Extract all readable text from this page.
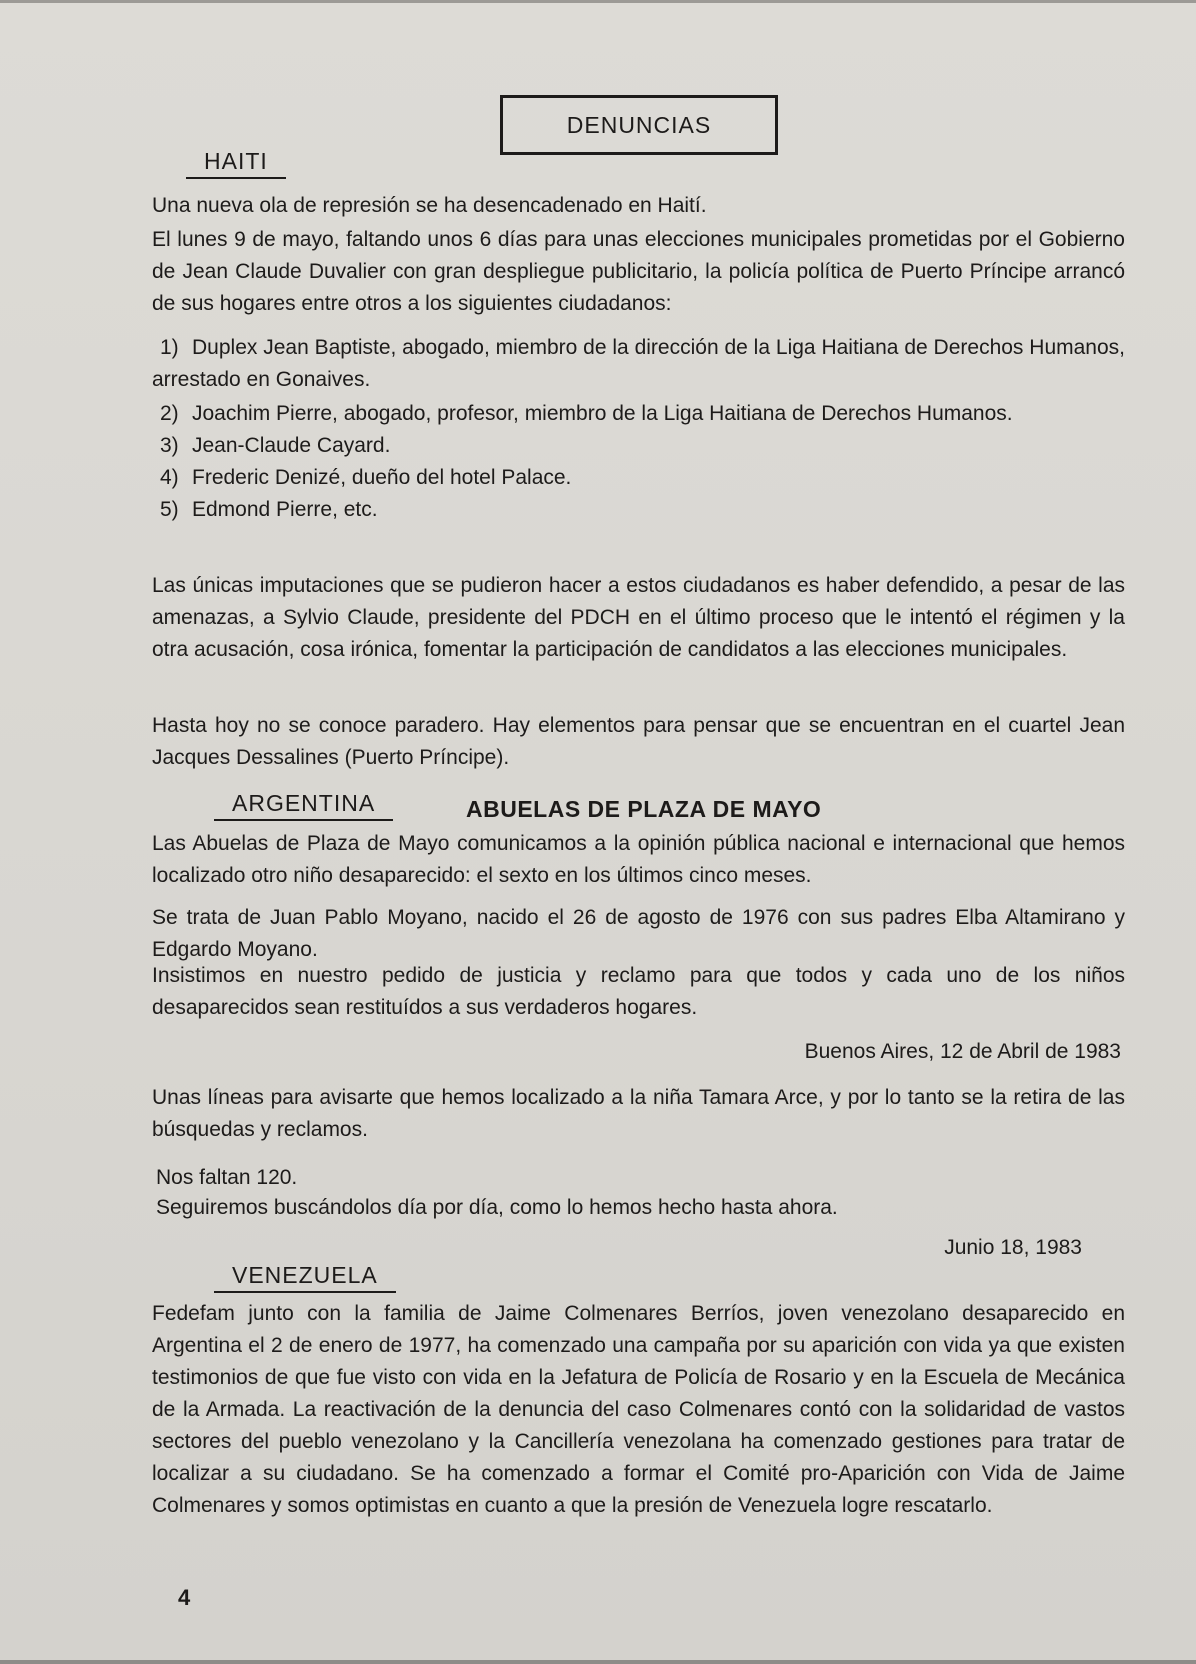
DENUNCIAS
HAITI

Una nueva ola de represión se ha desencadenado en Haití.

El lunes 9 de mayo, faltando unos 6 días para unas elecciones municipales prometidas por el Gobierno de Jean Claude Duvalier con gran despliegue publicitario, la policía política de Puerto Príncipe arrancó de sus hogares entre otros a los siguientes ciudadanos:

1) Duplex Jean Baptiste, abogado, miembro de la dirección de la Liga Haitiana de Derechos Humanos, arrestado en Gonaives.
2) Joachim Pierre, abogado, profesor, miembro de la Liga Haitiana de Derechos Humanos.
3) Jean-Claude Cayard.
4) Frederic Denizé, dueño del hotel Palace.
5) Edmond Pierre, etc.

Las únicas imputaciones que se pudieron hacer a estos ciudadanos es haber defendido, a pesar de las amenazas, a Sylvio Claude, presidente del PDCH en el último proceso que le intentó el régimen y la otra acusación, cosa irónica, fomentar la participación de candidatos a las elecciones municipales.

Hasta hoy no se conoce paradero. Hay elementos para pensar que se encuentran en el cuartel Jean Jacques Dessalines (Puerto Príncipe).

ARGENTINA	ABUELAS DE PLAZA DE MAYO

Las Abuelas de Plaza de Mayo comunicamos a la opinión pública nacional e internacional que hemos localizado otro niño desaparecido: el sexto en los últimos cinco meses.

Se trata de Juan Pablo Moyano, nacido el 26 de agosto de 1976 con sus padres Elba Altamirano y Edgardo Moyano.

Insistimos en nuestro pedido de justicia y reclamo para que todos y cada uno de los niños desaparecidos sean restituídos a sus verdaderos hogares.

Buenos Aires, 12 de Abril de 1983

Unas líneas para avisarte que hemos localizado a la niña Tamara Arce, y por lo tanto se la retira de las búsquedas y reclamos.

Nos faltan 120.

Seguiremos buscándolos día por día, como lo hemos hecho hasta ahora.

Junio 18, 1983
VENEZUELA

Fedefam junto con la familia de Jaime Colmenares Berríos, joven venezolano desaparecido en Argentina el 2 de enero de 1977, ha comenzado una campaña por su aparición con vida ya que existen testimonios de que fue visto con vida en la Jefatura de Policía de Rosario y en la Escuela de Mecánica de la Armada. La reactivación de la denuncia del caso Colmenares contó con la solidaridad de vastos sectores del pueblo venezolano y la Cancillería venezolana ha comenzado gestiones para tratar de localizar a su ciudadano. Se ha comenzado a formar el Comité pro-Aparición con Vida de Jaime Colmenares y somos optimistas en cuanto a que la presión de Venezuela logre rescatarlo.

4
